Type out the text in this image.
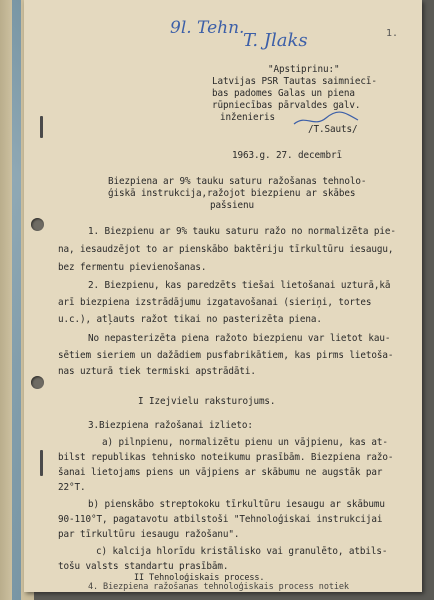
9l. Tehn.
T. Jlaks	1.
"Apstiprinu:"
Latvijas PSR Tautas saimniecī-
bas padomes Galas un piena
rūpniecības pārvaldes galv.
inženieris
/T.Sauts/
1963.g. 27. decembrī
Biezpiena ar 9% tauku saturu ražošanas tehnolo-
ģiskā instrukcija,ražojot biezpienu ar skābes
pašsienu
1. Biezpienu ar 9% tauku saturu ražo no normalizēta pie-
na, iesaudzējot to ar pienskābo baktēriju tīrkultūru iesaugu,
bez fermentu pievienošanas.
2. Biezpienu, kas paredzēts tiešai lietošanai uzturā,kā
arī biezpiena izstrādājumu izgatavošanai (sieriņi, tortes
u.c.), atļauts ražot tikai no pasterizēta piena.
No nepasterizēta piena ražoto biezpienu var lietot kau-
sētiem sieriem un dažādiem pusfabrikātiem, kas pirms lietoša-
nas uzturā tiek termiski apstrādāti.
I Izejvielu raksturojums.
3.Biezpiena ražošanai izlieto:
a) pilnpienu, normalizētu pienu un vājpienu, kas at-
bilst republikas tehnisko noteikumu prasībām. Biezpiena ražo-
šanai lietojams piens un vājpiens ar skābumu ne augstāk par
22°T.
b) pienskābo streptokoku tīrkultūru iesaugu ar skābumu
90-110°T, pagatavotu atbilstoši "Tehnoloģiskai instrukcijai
par tīrkultūru iesaugu ražošanu".
c) kalcija hlorīdu kristālisko vai granulēto, atbils-
tošu valsts standartu prasībām.
II Tehnoloģiskais process.
4. Biezpiena ražošanas tehnoloģiskais process notiek
